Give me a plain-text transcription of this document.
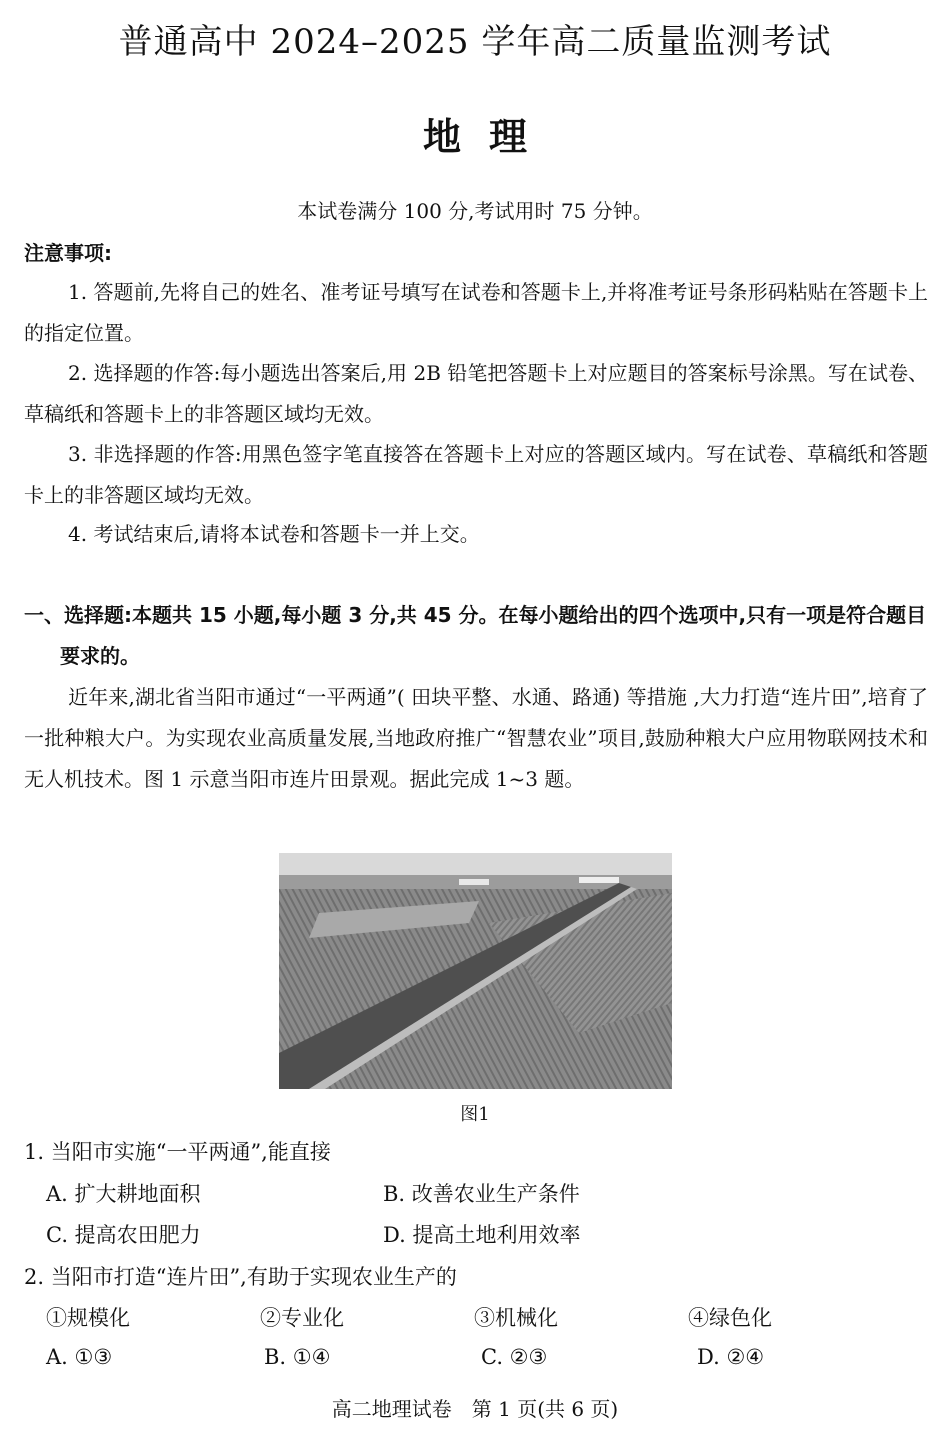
普通高中 2024–2025 学年高二质量监测考试
地理
本试卷满分 100 分,考试用时 75 分钟。
注意事项:
1. 答题前,先将自己的姓名、准考证号填写在试卷和答题卡上,并将准考证号条形码粘贴在答题卡上的指定位置。
2. 选择题的作答:每小题选出答案后,用 2B 铅笔把答题卡上对应题目的答案标号涂黑。写在试卷、草稿纸和答题卡上的非答题区域均无效。
3. 非选择题的作答:用黑色签字笔直接答在答题卡上对应的答题区域内。写在试卷、草稿纸和答题卡上的非答题区域均无效。
4. 考试结束后,请将本试卷和答题卡一并上交。
一、选择题:本题共 15 小题,每小题 3 分,共 45 分。在每小题给出的四个选项中,只有一项是符合题目要求的。
近年来,湖北省当阳市通过“一平两通”( 田块平整、水通、路通) 等措施 ,大力打造“连片田”,培育了一批种粮大户。为实现农业高质量发展,当地政府推广“智慧农业”项目,鼓励种粮大户应用物联网技术和无人机技术。图 1 示意当阳市连片田景观。据此完成 1~3 题。
图1
1. 当阳市实施“一平两通”,能直接
A. 扩大耕地面积	B. 改善农业生产条件
C. 提高农田肥力	D. 提高土地利用效率
2. 当阳市打造“连片田”,有助于实现农业生产的
①规模化	②专业化	③机械化	④绿色化
A. ①③	B. ①④	C. ②③	D. ②④
高二地理试卷　第 1 页(共 6 页)
